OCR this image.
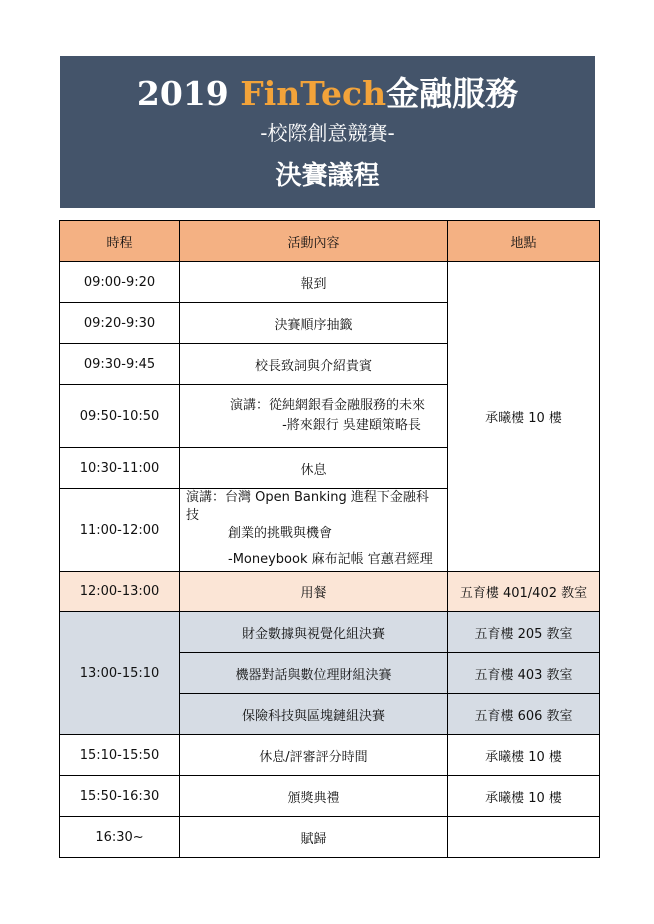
2019 FinTech金融服務
-校際創意競賽-
決賽議程
時程	活動內容	地點
09:00-9:20	報到	承曦樓 10 樓
09:20-9:30	決賽順序抽籤	
09:30-9:45	校長致詞與介紹貴賓	
09:50-10:50	演講：從純網銀看金融服務的未來
-將來銀行 吳建頤策略長	

10:30-11:00	休息	
11:00-12:00	演講：台灣 Open Banking 進程下金融科技
創業的挑戰與機會
-Moneybook 麻布記帳 官蕙君經理	

12:00-13:00	用餐	五育樓 401/402 教室
13:00-15:10	財金數據與視覺化組決賽	五育樓 205 教室
	機器對話與數位理財組決賽	五育樓 403 教室
	保險科技與區塊鏈組決賽	五育樓 606 教室
15:10-15:50	休息/評審評分時間	承曦樓 10 樓
15:50-16:30	頒獎典禮	承曦樓 10 樓
16:30~	賦歸	
